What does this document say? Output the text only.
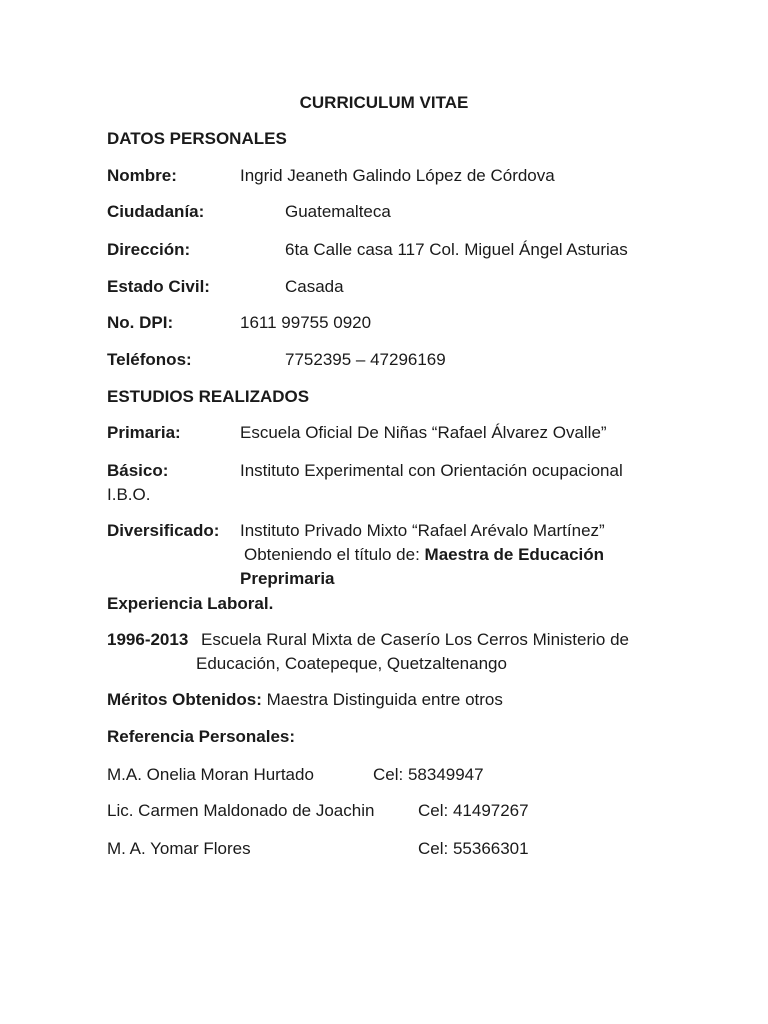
CURRICULUM VITAE
DATOS PERSONALES
Nombre:	Ingrid Jeaneth Galindo López de Córdova
Ciudadanía:	Guatemalteca
Dirección:	6ta Calle casa 117 Col. Miguel Ángel Asturias
Estado Civil:	Casada
No. DPI:	1611 99755 0920
Teléfonos:	7752395 – 47296169
ESTUDIOS REALIZADOS
Primaria:	Escuela Oficial De Niñas “Rafael Álvarez Ovalle”
Básico:	Instituto Experimental con Orientación ocupacional
I.B.O.
Diversificado: Instituto Privado Mixto “Rafael Arévalo Martínez”
Obteniendo el título de: Maestra de Educación
Preprimaria
Experiencia Laboral.
1996-2013 Escuela Rural Mixta de Caserío Los Cerros Ministerio de
Educación, Coatepeque, Quetzaltenango
Méritos Obtenidos: Maestra Distinguida entre otros
Referencia Personales:
M.A. Onelia Moran Hurtado	Cel: 58349947
Lic. Carmen Maldonado de Joachin	Cel: 41497267
M. A. Yomar Flores	Cel: 55366301
